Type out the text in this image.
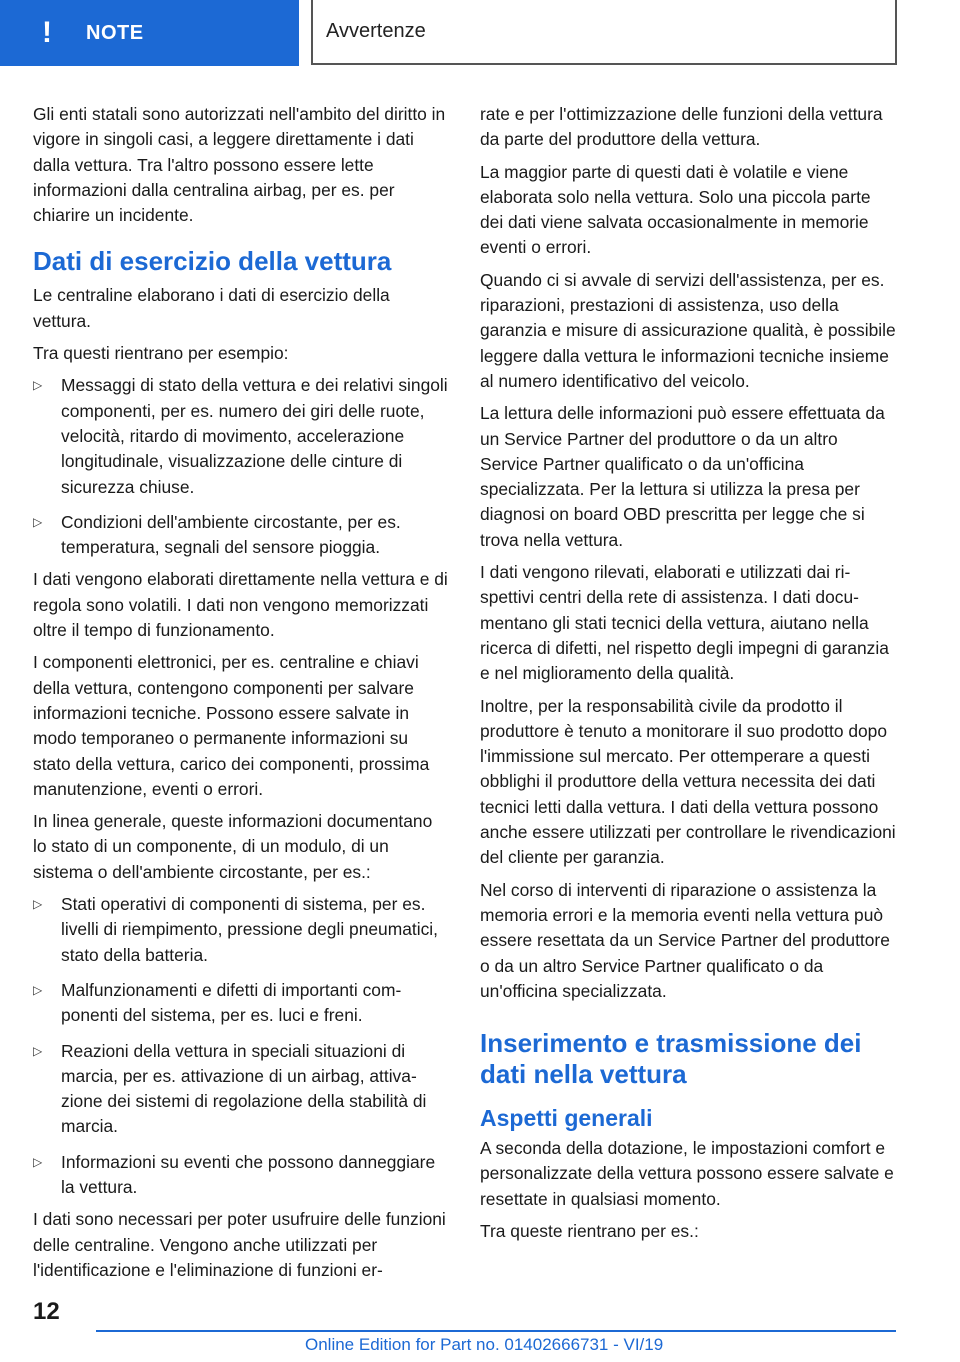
!	NOTE	Avvertenze

Gli enti statali sono autorizzati nell'ambito del diritto in vigore in singoli casi, a leggere direttamente i dati dalla vettura. Tra l'altro possono essere lette informazioni dalla centralina airbag, per es. per chiarire un incidente.

Dati di esercizio della vettura

Le centraline elaborano i dati di esercizio della vettura.

Tra questi rientrano per esempio:

▷ Messaggi di stato della vettura e dei relativi singoli componenti, per es. numero dei giri delle ruote, velocità, ritardo di movimento, accelerazione longitudinale, visualizzazione delle cinture di sicurezza chiuse.
▷ Condizioni dell'ambiente circostante, per es. temperatura, segnali del sensore pioggia.

I dati vengono elaborati direttamente nella vettura e di regola sono volatili. I dati non vengono memorizzati oltre il tempo di funzionamento.

I componenti elettronici, per es. centraline e chiavi della vettura, contengono componenti per salvare informazioni tecniche. Possono essere salvate in modo temporaneo o permanente informazioni su stato della vettura, carico dei componenti, prossima manutenzione, eventi o errori.

In linea generale, queste informazioni documentano lo stato di un componente, di un modulo, di un sistema o dell'ambiente circostante, per es.:

▷ Stati operativi di componenti di sistema, per es. livelli di riempimento, pressione degli pneumatici, stato della batteria.
▷ Malfunzionamenti e difetti di importanti componenti del sistema, per es. luci e freni.
▷ Reazioni della vettura in speciali situazioni di marcia, per es. attivazione di un airbag, attivazione dei sistemi di regolazione della stabilità di marcia.
▷ Informazioni su eventi che possono danneggiare la vettura.

I dati sono necessari per poter usufruire delle funzioni delle centraline. Vengono anche utilizzati per l'identificazione e l'eliminazione di funzioni er-

rate e per l'ottimizzazione delle funzioni della vettura da parte del produttore della vettura.

La maggior parte di questi dati è volatile e viene elaborata solo nella vettura. Solo una piccola parte dei dati viene salvata occasionalmente in memorie eventi o errori.

Quando ci si avvale di servizi dell'assistenza, per es. riparazioni, prestazioni di assistenza, uso della garanzia e misure di assicurazione qualità, è possibile leggere dalla vettura le informazioni tecniche insieme al numero identificativo del veicolo.

La lettura delle informazioni può essere effettuata da un Service Partner del produttore o da un altro Service Partner qualificato o da un'officina specializzata. Per la lettura si utilizza la presa per diagnosi on board OBD prescritta per legge che si trova nella vettura.

I dati vengono rilevati, elaborati e utilizzati dai rispettivi centri della rete di assistenza. I dati documentano gli stati tecnici della vettura, aiutano nella ricerca di difetti, nel rispetto degli impegni di garanzia e nel miglioramento della qualità.

Inoltre, per la responsabilità civile da prodotto il produttore è tenuto a monitorare il suo prodotto dopo l'immissione sul mercato. Per ottemperare a questi obblighi il produttore della vettura necessita dei dati tecnici letti dalla vettura. I dati della vettura possono anche essere utilizzati per controllare le rivendicazioni del cliente per garanzia.

Nel corso di interventi di riparazione o assistenza la memoria errori e la memoria eventi nella vettura può essere resettata da un Service Partner del produttore o da un altro Service Partner qualificato o da un'officina specializzata.

Inserimento e trasmissione dei dati nella vettura
Aspetti generali

A seconda della dotazione, le impostazioni comfort e personalizzate della vettura possono essere salvate e resettate in qualsiasi momento.

Tra queste rientrano per es.:

12
Online Edition for Part no. 01402666731 - VI/19
